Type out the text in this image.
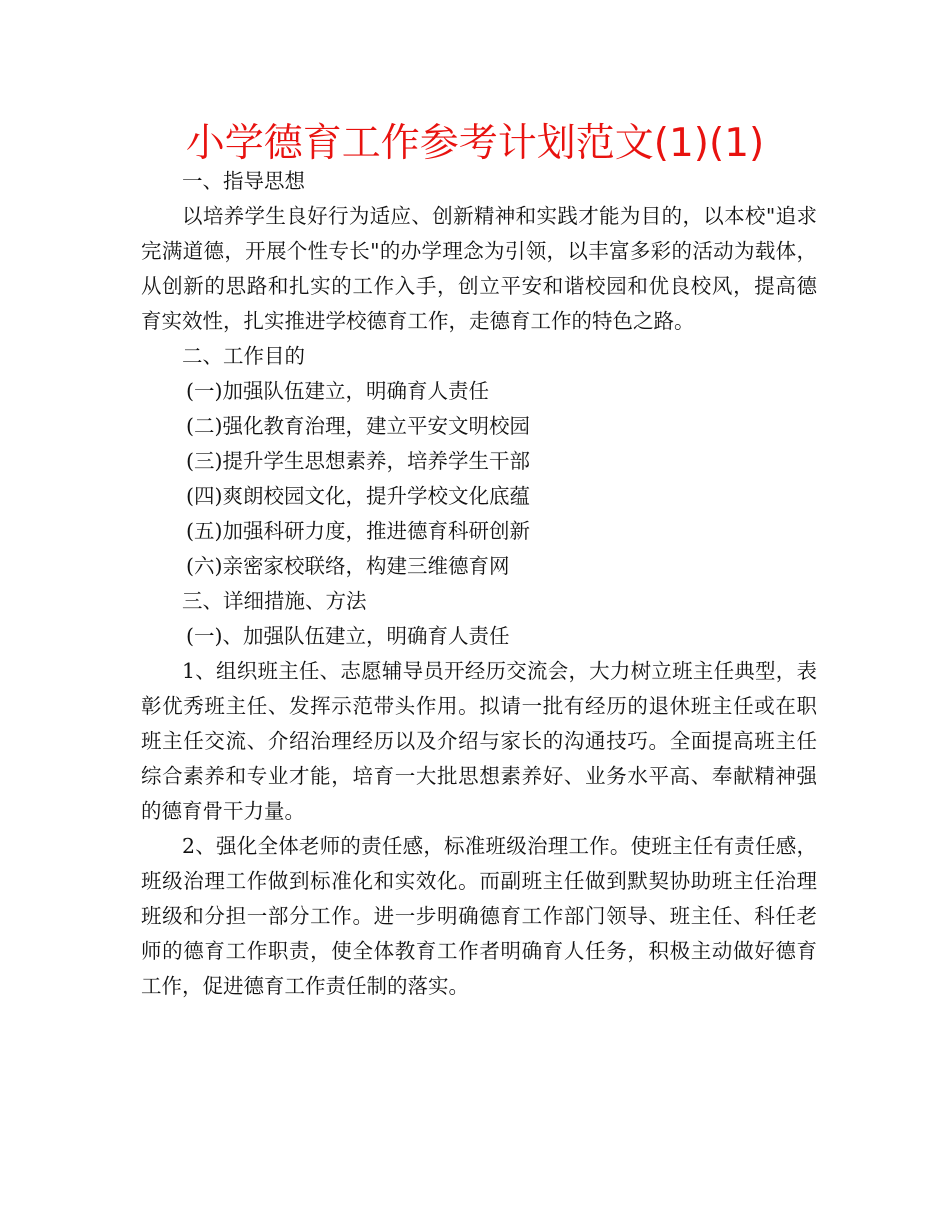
小学德育工作参考计划范文(1)(1)

一、指导思想

以培养学生良好行为适应、创新精神和实践才能为目的，以本校"追求完满道德，开展个性专长"的办学理念为引领，以丰富多彩的活动为载体，从创新的思路和扎实的工作入手，创立平安和谐校园和优良校风，提高德育实效性，扎实推进学校德育工作，走德育工作的特色之路。

二、工作目的

(一)加强队伍建立，明确育人责任

(二)强化教育治理，建立平安文明校园

(三)提升学生思想素养，培养学生干部

(四)爽朗校园文化，提升学校文化底蕴

(五)加强科研力度，推进德育科研创新

(六)亲密家校联络，构建三维德育网

三、详细措施、方法

(一)、加强队伍建立，明确育人责任

1、组织班主任、志愿辅导员开经历交流会，大力树立班主任典型，表彰优秀班主任、发挥示范带头作用。拟请一批有经历的退休班主任或在职班主任交流、介绍治理经历以及介绍与家长的沟通技巧。全面提高班主任综合素养和专业才能，培育一大批思想素养好、业务水平高、奉献精神强的德育骨干力量。

2、强化全体老师的责任感，标准班级治理工作。使班主任有责任感，班级治理工作做到标准化和实效化。而副班主任做到默契协助班主任治理班级和分担一部分工作。进一步明确德育工作部门领导、班主任、科任老师的德育工作职责，使全体教育工作者明确育人任务，积极主动做好德育工作，促进德育工作责任制的落实。
